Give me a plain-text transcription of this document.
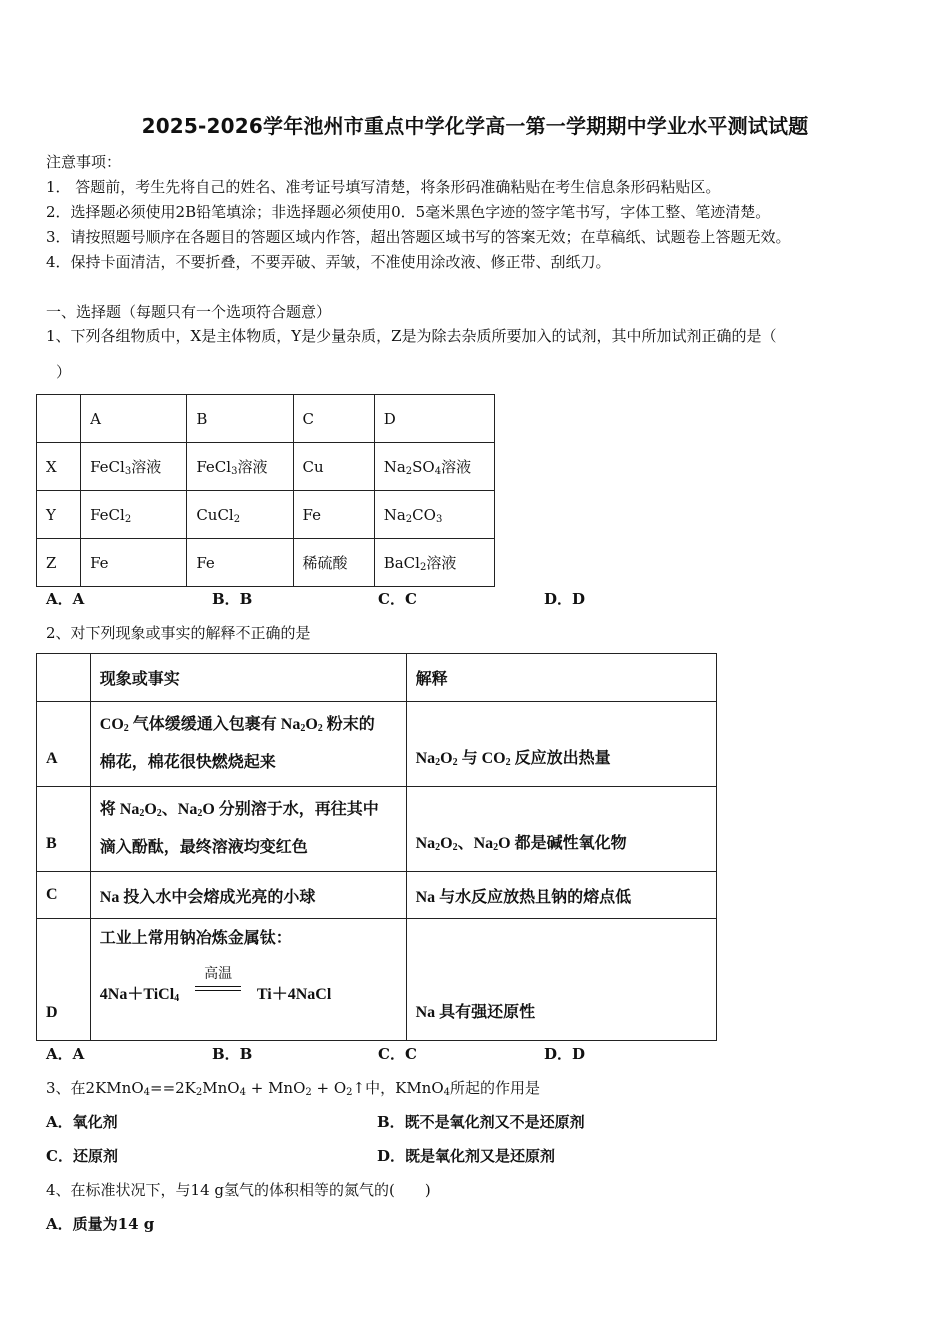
2025-2026学年池州市重点中学化学高一第一学期期中学业水平测试试题
注意事项：
1． 答题前，考生先将自己的姓名、准考证号填写清楚，将条形码准确粘贴在考生信息条形码粘贴区。
2．选择题必须使用2B铅笔填涂；非选择题必须使用0．5毫米黑色字迹的签字笔书写，字体工整、笔迹清楚。
3．请按照题号顺序在各题目的答题区域内作答，超出答题区域书写的答案无效；在草稿纸、试题卷上答题无效。
4．保持卡面清洁，不要折叠，不要弄破、弄皱，不准使用涂改液、修正带、刮纸刀。
一、选择题（每题只有一个选项符合题意）
1、下列各组物质中，X是主体物质，Y是少量杂质，Z是为除去杂质所要加入的试剂，其中所加试剂正确的是（
）
	A	B	C	D
X	FeCl$_3$溶液	FeCl$_3$溶液	Cu	$Na_2SO_4$溶液
Y	FeCl$_2$	CuCl$_2$	Fe	$Na_2CO_3$
Z	Fe	Fe	稀硫酸	BaCl$_2$溶液
A．A	B．B	C．C	D．D
2、对下列现象或事实的解释不正确的是
	现象或事实	解释
A	$CO_2$ 气体缓缓通入包裹有 $Na_2O_2$ 粉末的
棉花，棉花很快燃烧起来	$Na_2O_2$ 与 $CO_2$ 反应放出热量
B	将 $Na_2O_2$、$Na_2O$ 分别溶于水，再往其中
滴入酚酞，最终溶液均变红色	$Na_2O_2$、$Na_2O$ 都是碱性氧化物
C	Na 投入水中会熔成光亮的小球	Na 与水反应放热且钠的熔点低
D	工业上常用钠冶炼金属钛：
4Na＋TiCl$_4$
高温
Ti＋4NaCl	Na 具有强还原性
A．A	B．B	C．C	D．D
3、在$2KMnO_4==2K_2MnO_4 + MnO_2$ + $O_2↑$中，KMnO$_4$所起的作用是
A．氧化剂	B．既不是氧化剂又不是还原剂
C．还原剂	D．既是氧化剂又是还原剂
4、在标准状况下，与14 g氢气的体积相等的氮气的(　　)
A．质量为14 g
